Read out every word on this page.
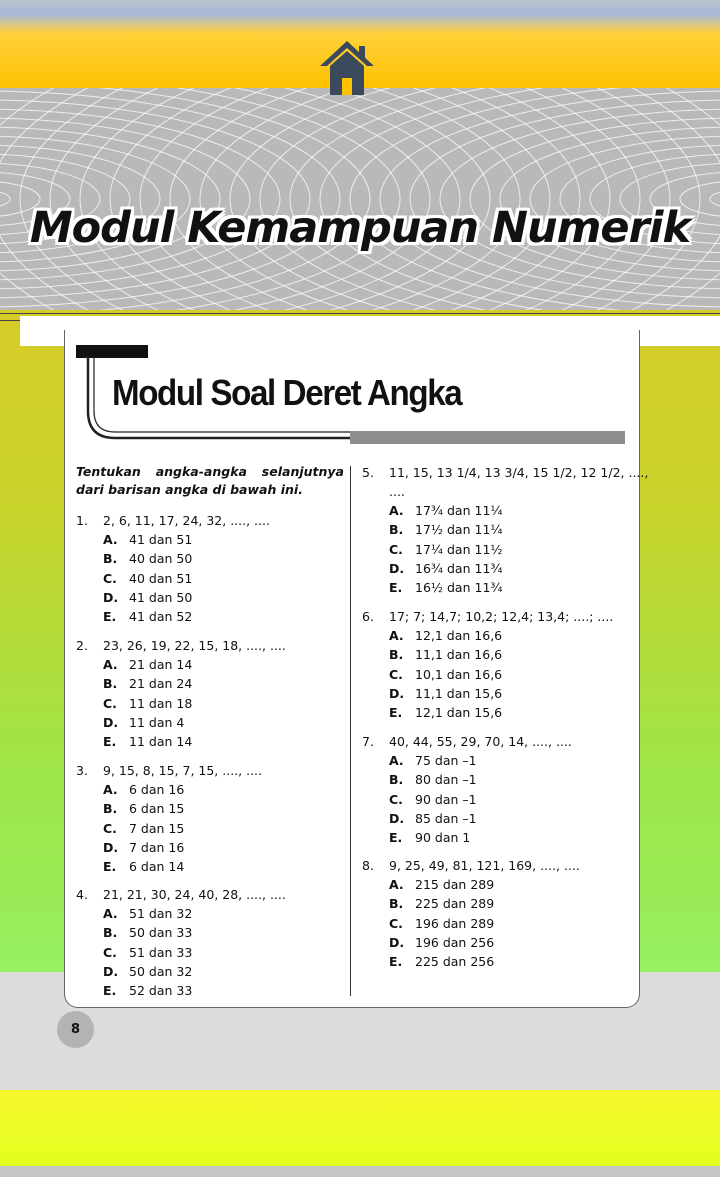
Modul Kemampuan Numerik
Modul Soal Deret Angka
Tentukan angka-angka selanjutnya dari barisan angka di bawah ini.
1. 2, 6, 11, 17, 24, 32, ...., ....
A. 41 dan 51
B. 40 dan 50
C. 40 dan 51
D. 41 dan 50
E. 41 dan 52
2. 23, 26, 19, 22, 15, 18, ...., ....
A. 21 dan 14
B. 21 dan 24
C. 11 dan 18
D. 11 dan 4
E. 11 dan 14
3. 9, 15, 8, 15, 7, 15, ...., ....
A. 6 dan 16
B. 6 dan 15
C. 7 dan 15
D. 7 dan 16
E. 6 dan 14
4. 21, 21, 30, 24, 40, 28, ...., ....
A. 51 dan 32
B. 50 dan 33
C. 51 dan 33
D. 50 dan 32
E. 52 dan 33
5. 11, 15, 13 1/4, 13 3/4, 15 1/2, 12 1/2, ....,
A. 17¾ dan 11¼
B. 17½ dan 11¼
C. 17¼ dan 11½
D. 16¾ dan 11¾
E. 16½ dan 11¾
....
6. 17; 7; 14,7; 10,2; 12,4; 13,4; ....; ....
A. 12,1 dan 16,6
B. 11,1 dan 16,6
C. 10,1 dan 16,6
D. 11,1 dan 15,6
E. 12,1 dan 15,6
7. 40, 44, 55, 29, 70, 14, ...., ....
A. 75 dan –1
B. 80 dan –1
C. 90 dan –1
D. 85 dan –1
E. 90 dan 1
8. 9, 25, 49, 81, 121, 169, ...., ....
A. 215 dan 289
B. 225 dan 289
C. 196 dan 289
D. 196 dan 256
E. 225 dan 256
8
